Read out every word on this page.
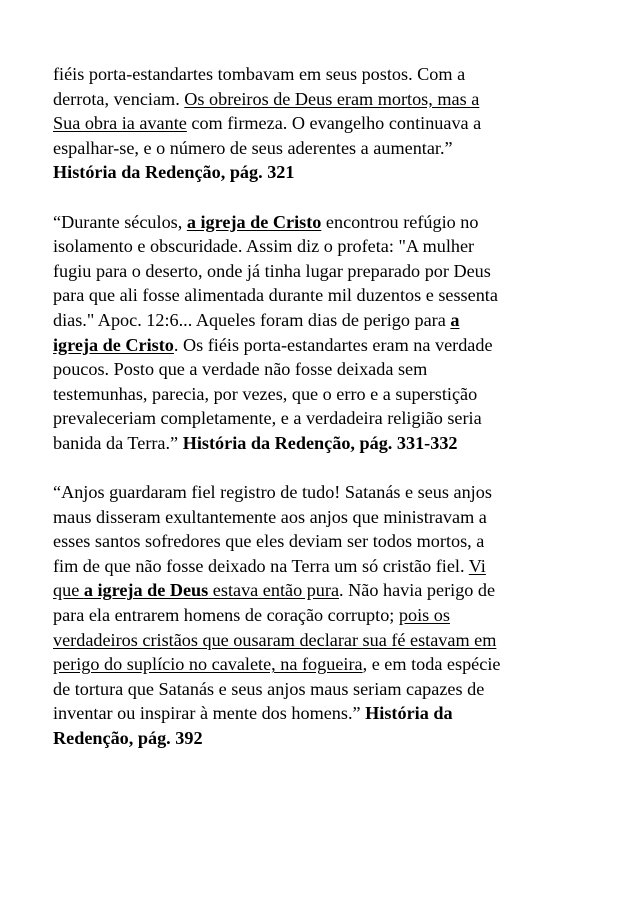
fiéis porta-estandartes tombavam em seus postos. Com a
derrota, venciam. Os obreiros de Deus eram mortos, mas a
Sua obra ia avante com firmeza. O evangelho continuava a
espalhar-se, e o número de seus aderentes a aumentar.”
História da Redenção, pág. 321

“Durante séculos, a igreja de Cristo encontrou refúgio no
isolamento e obscuridade. Assim diz o profeta: "A mulher
fugiu para o deserto, onde já tinha lugar preparado por Deus
para que ali fosse alimentada durante mil duzentos e sessenta
dias." Apoc. 12:6... Aqueles foram dias de perigo para a
igreja de Cristo. Os fiéis porta-estandartes eram na verdade
poucos. Posto que a verdade não fosse deixada sem
testemunhas, parecia, por vezes, que o erro e a superstição
prevaleceriam completamente, e a verdadeira religião seria
banida da Terra.” História da Redenção, pág. 331-332

“Anjos guardaram fiel registro de tudo! Satanás e seus anjos
maus disseram exultantemente aos anjos que ministravam a
esses santos sofredores que eles deviam ser todos mortos, a
fim de que não fosse deixado na Terra um só cristão fiel. Vi
que a igreja de Deus estava então pura. Não havia perigo de
para ela entrarem homens de coração corrupto; pois os
verdadeiros cristãos que ousaram declarar sua fé estavam em
perigo do suplício no cavalete, na fogueira, e em toda espécie
de tortura que Satanás e seus anjos maus seriam capazes de
inventar ou inspirar à mente dos homens.” História da
Redenção, pág. 392
